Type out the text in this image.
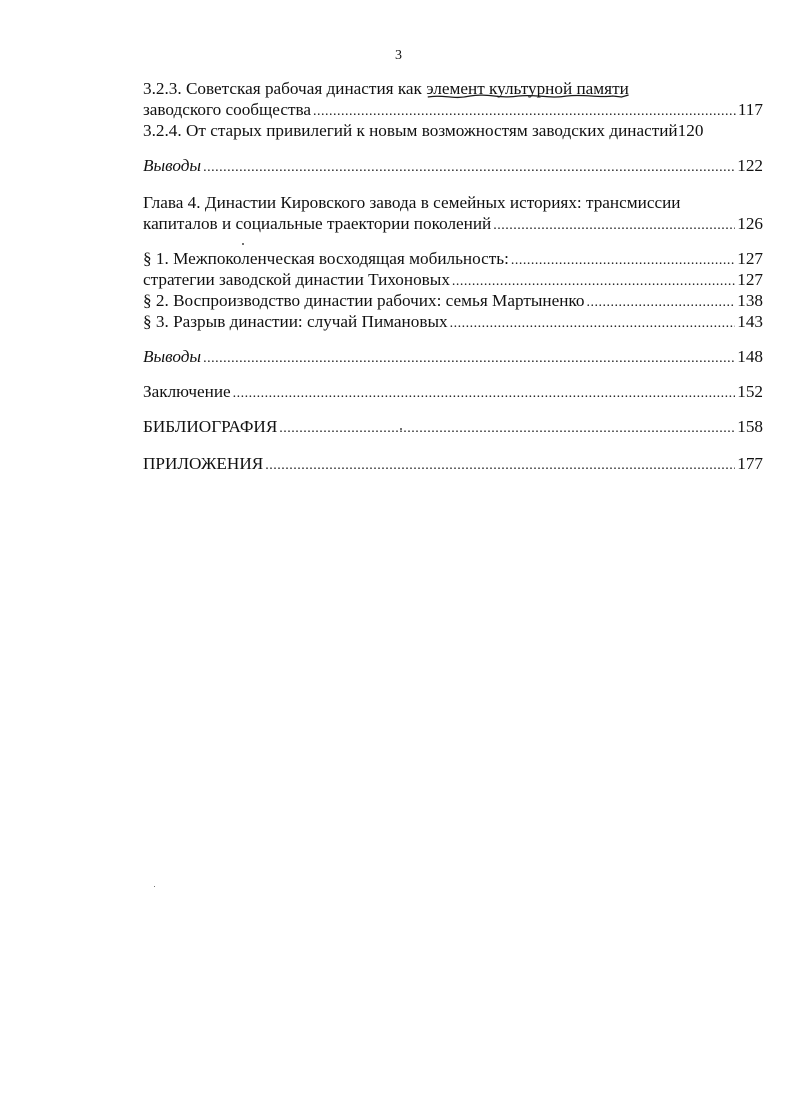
3
3.2.3. Советская рабочая династия как элемент культурной памяти
заводского сообщества .....	117
3.2.4. От старых привилегий к новым возможностям заводских династий 120
Выводы .....	122
Глава 4. Династии Кировского завода в семейных историях: трансмиссии
капиталов и социальные траектории поколений .....	126
§ 1. Межпоколенческая восходящая мобильность: .....	127
стратегии заводской династии Тихоновых .....	127
§ 2. Воспроизводство династии рабочих: семья Мартыненко .....	138
§ 3. Разрыв династии: случай Пимановых .....	143
Выводы .....	148
Заключение .....	152
БИБЛИОГРАФИЯ .....	158
ПРИЛОЖЕНИЯ .....	177
